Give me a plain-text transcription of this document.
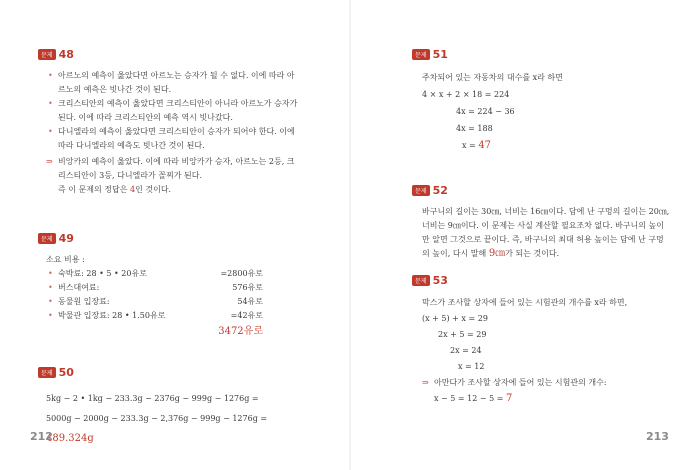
문제 48
• 아르노의 예측이 옳았다면 아르노는 승자가 될 수 없다. 이에 따라 아르노의 예측은 빗나간 것이 된다.
• 크리스티안의 예측이 옳았다면 크리스티안이 아니라 아르노가 승자가 된다. 이에 따라 크리스티안의 예측 역시 빗나갔다.
• 다니엘라의 예측이 옳았다면 크리스티안이 승자가 되어야 한다. 이에 따라 다니엘라의 예측도 빗나간 것이 된다.
⇒ 비앙카의 예측이 옳았다. 이에 따라 비앙카가 승자, 아르노는 2등, 크리스티안이 3등, 다니엘라가 꼴찌가 된다.
즉 이 문제의 정답은 4인 것이다.
문제 49
소요 비용 :
• 숙박료: 28 • 5 • 20유로	=2800유로
• 버스대여료:	576유로
• 동물원 입장료:	54유로
• 박물관 입장료: 28 • 1.50유로	=42유로
3472유로
문제 50
5kg − 2 • 1kg − 233.3g − 2376g − 999g − 1276g =
5000g − 2000g − 233.3g − 2,376g − 999g − 1276g = 489.324g
212
문제 51
주차되어 있는 자동차의 대수를 x라 하면
4 × x + 2 × 18 = 224
4x = 224 − 36
4x = 188
x = 47
문제 52
바구니의 길이는 30㎝, 너비는 16㎝이다. 담에 난 구멍의 길이는 20㎝, 너비는 9㎝이다. 이 문제는 사실 계산할 필요조차 없다. 바구니의 높이만 알면 그것으로 끝이다. 즉, 바구니의 최대 허용 높이는 담에 난 구멍의 높이, 다시 말해 9㎝가 되는 것이다.
문제 53
막스가 조사할 상자에 들어 있는 시험관의 개수를 x라 하면,
(x + 5) + x = 29
2x + 5 = 29
2x = 24
x = 12
⇒ 아만다가 조사할 상자에 들어 있는 시험관의 개수:
x − 5 = 12 − 5 = 7
213
